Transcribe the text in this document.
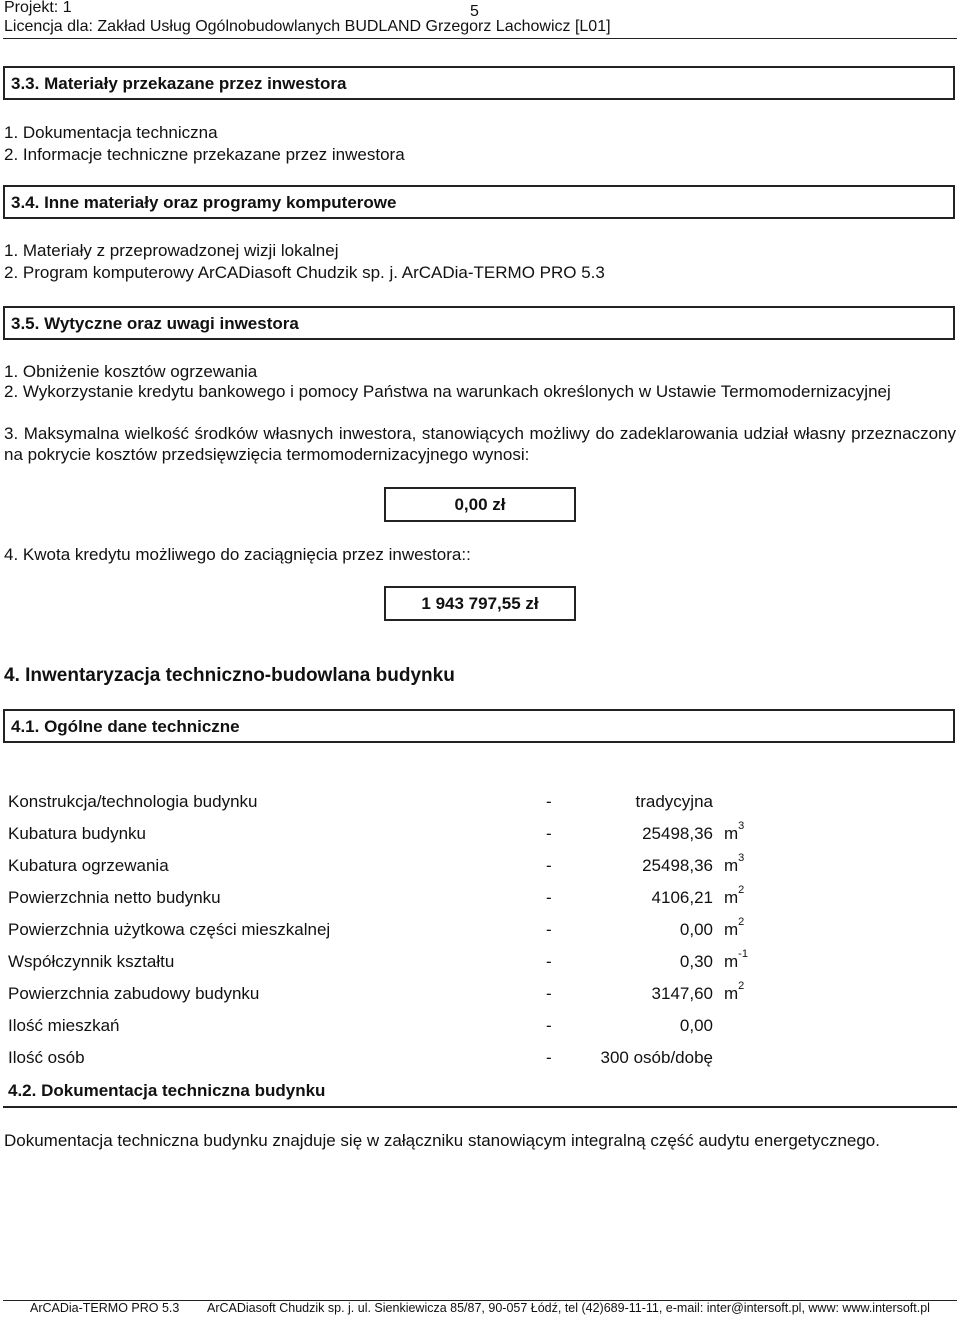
Projekt: 1	5
Licencja dla: Zakład Usług Ogólnobudowlanych BUDLAND Grzegorz Lachowicz [L01]
3.3. Materiały przekazane przez inwestora
1. Dokumentacja techniczna
2. Informacje techniczne przekazane przez inwestora
3.4. Inne materiały oraz programy komputerowe
1. Materiały z przeprowadzonej wizji lokalnej
2. Program komputerowy ArCADiasoft Chudzik sp. j. ArCADia-TERMO PRO 5.3
3.5. Wytyczne oraz uwagi inwestora
1. Obniżenie kosztów ogrzewania
2. Wykorzystanie kredytu bankowego i pomocy Państwa na warunkach określonych w Ustawie Termomodernizacyjnej
3. Maksymalna wielkość środków własnych inwestora, stanowiących możliwy do zadeklarowania udział własny przeznaczony na pokrycie kosztów przedsięwzięcia termomodernizacyjnego wynosi:
0,00 zł
4. Kwota kredytu możliwego do zaciągnięcia przez inwestora::
1 943 797,55 zł
4. Inwentaryzacja techniczno-budowlana budynku
4.1. Ogólne dane techniczne
Konstrukcja/technologia budynku	-	tradycyjna
Kubatura budynku	-	25498,36 $m^3$
Kubatura ogrzewania	-	25498,36 $m^3$
Powierzchnia netto budynku	-	4106,21 $m^2$
Powierzchnia użytkowa części mieszkalnej	-	0,00 $m^2$
Współczynnik kształtu	-	0,30 $m^{-1}$
Powierzchnia zabudowy budynku	-	3147,60 $m^2$
Ilość mieszkań	-	0,00
Ilość osób	-	300 osób/dobę
4.2. Dokumentacja techniczna budynku
Dokumentacja techniczna budynku znajduje się w załączniku stanowiącym integralną część audytu energetycznego.
ArCADia-TERMO PRO 5.3 ArCADiasoft Chudzik sp. j. ul. Sienkiewicza 85/87, 90-057 Łódź, tel (42)689-11-11, e-mail: inter@intersoft.pl, www: www.intersoft.pl
